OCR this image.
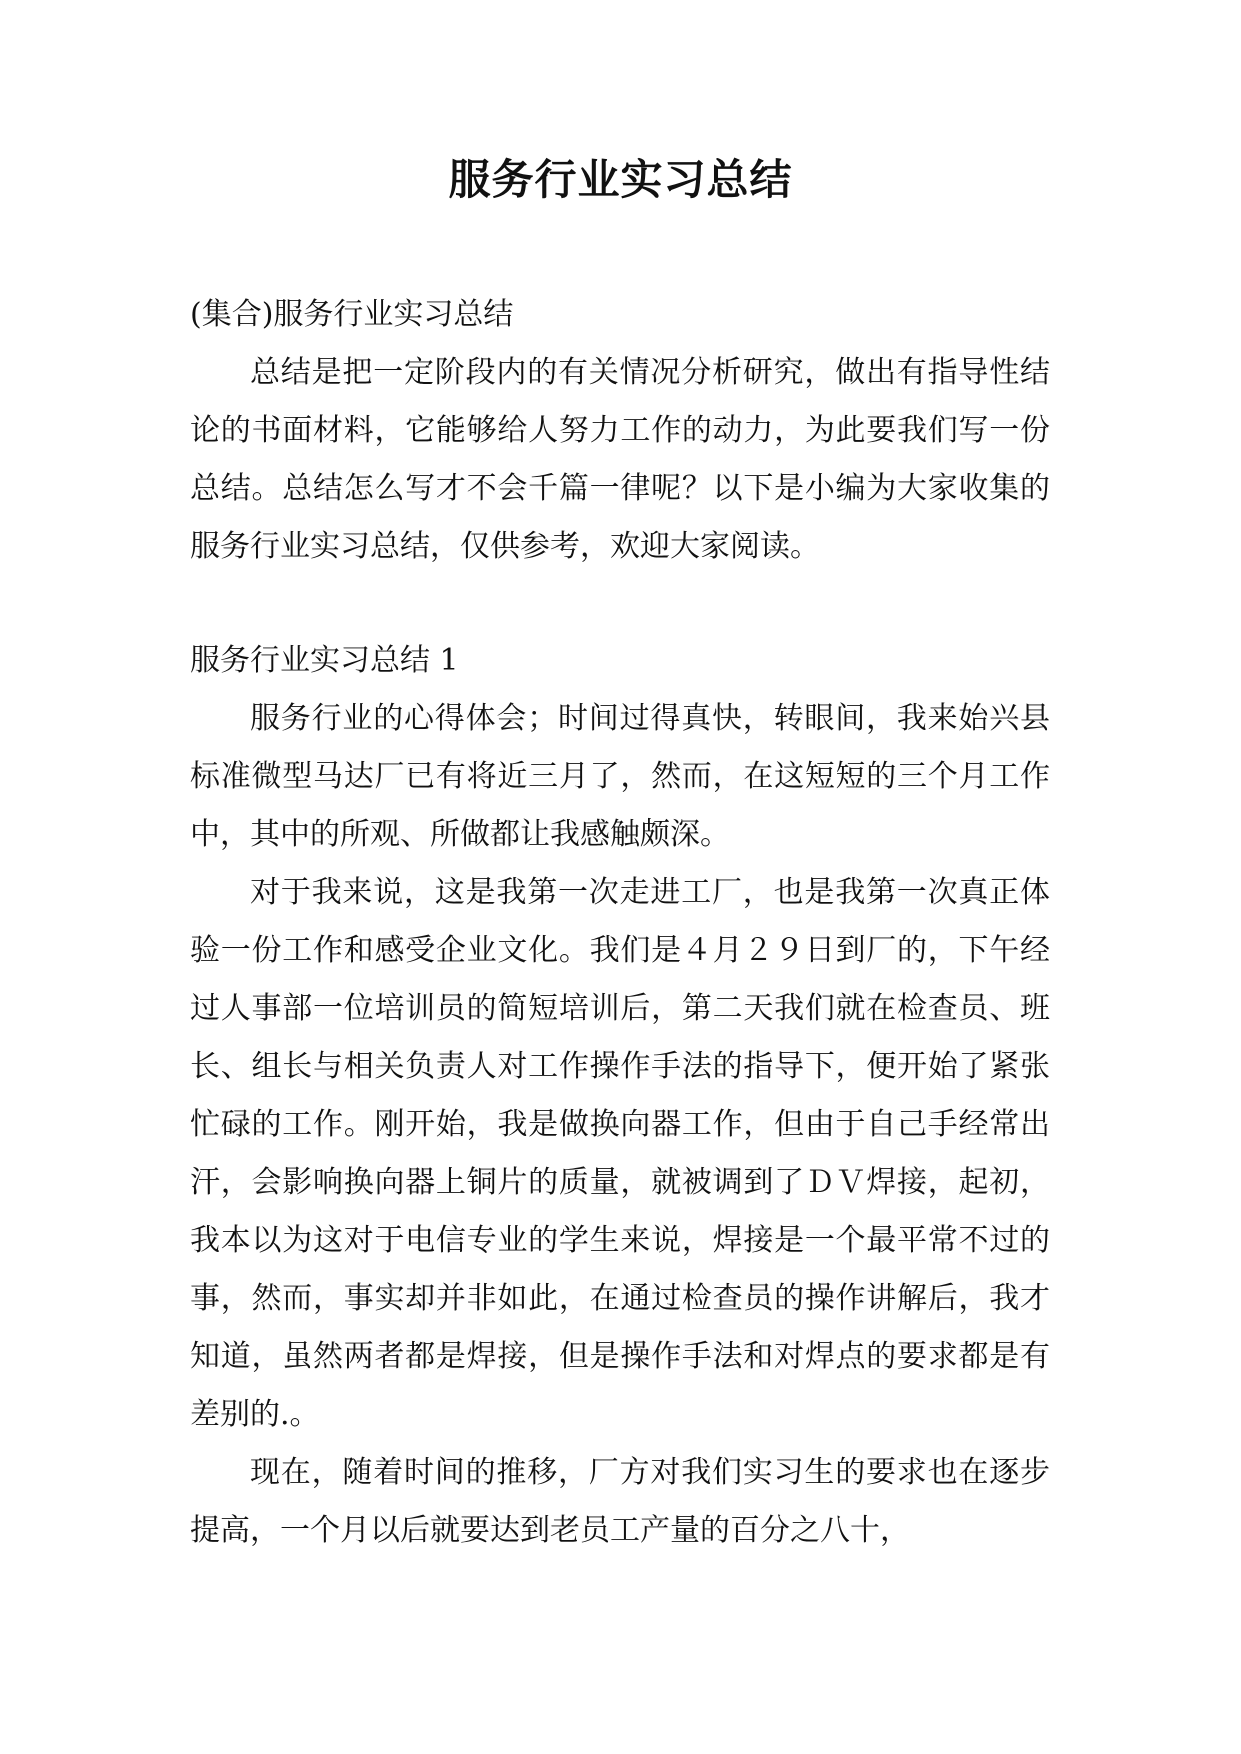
服务行业实习总结

(集合)服务行业实习总结

总结是把一定阶段内的有关情况分析研究，做出有指导性结论的书面材料，它能够给人努力工作的动力，为此要我们写一份总结。总结怎么写才不会千篇一律呢？以下是小编为大家收集的服务行业实习总结，仅供参考，欢迎大家阅读。

服务行业实习总结 1

服务行业的心得体会；时间过得真快，转眼间，我来始兴县标准微型马达厂已有将近三月了，然而，在这短短的三个月工作中，其中的所观、所做都让我感触颇深。

对于我来说，这是我第一次走进工厂，也是我第一次真正体验一份工作和感受企业文化。我们是４月２９日到厂的，下午经过人事部一位培训员的简短培训后，第二天我们就在检查员、班长、组长与相关负责人对工作操作手法的指导下，便开始了紧张忙碌的工作。刚开始，我是做换向器工作，但由于自己手经常出汗，会影响换向器上铜片的质量，就被调到了ＤＶ焊接，起初，我本以为这对于电信专业的学生来说，焊接是一个最平常不过的事，然而，事实却并非如此，在通过检查员的操作讲解后，我才知道，虽然两者都是焊接，但是操作手法和对焊点的要求都是有差别的.。

现在，随着时间的推移，厂方对我们实习生的要求也在逐步提高，一个月以后就要达到老员工产量的百分之八十，
